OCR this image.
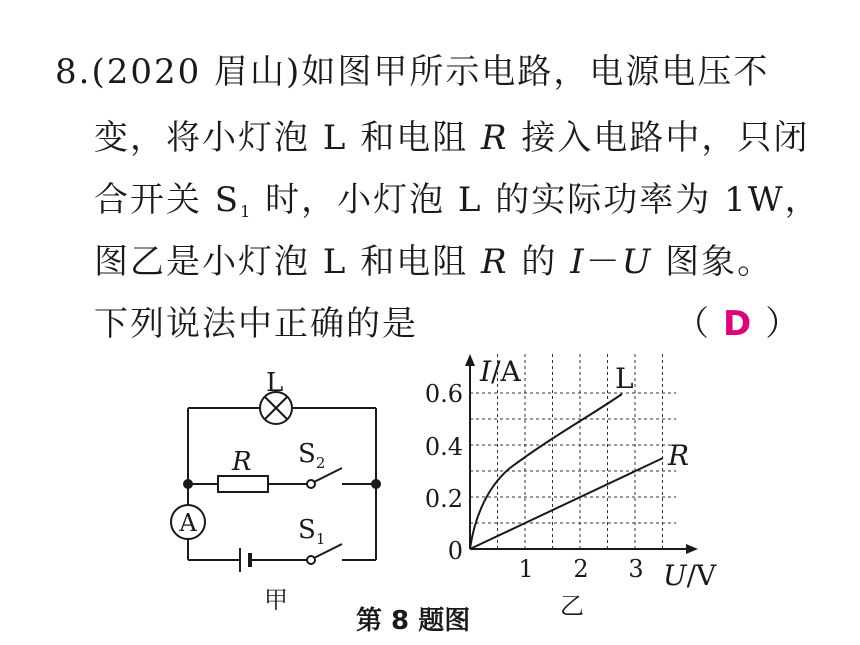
8.(2020 眉山)如图甲所示电路，电源电压不
变，将小灯泡 L 和电阻 R 接入电路中，只闭
合开关 $S_1$ 时，小灯泡 L 的实际功率为 1W，
图乙是小灯泡 L 和电阻 R 的 I－U 图象。
下列说法中正确的是	（ D ）
L
R $S_2$
$S_1$
A
甲
I/A
U/V
0.6
0.4
0.2
0
1 2 3
L
R
乙
第 8 题图
